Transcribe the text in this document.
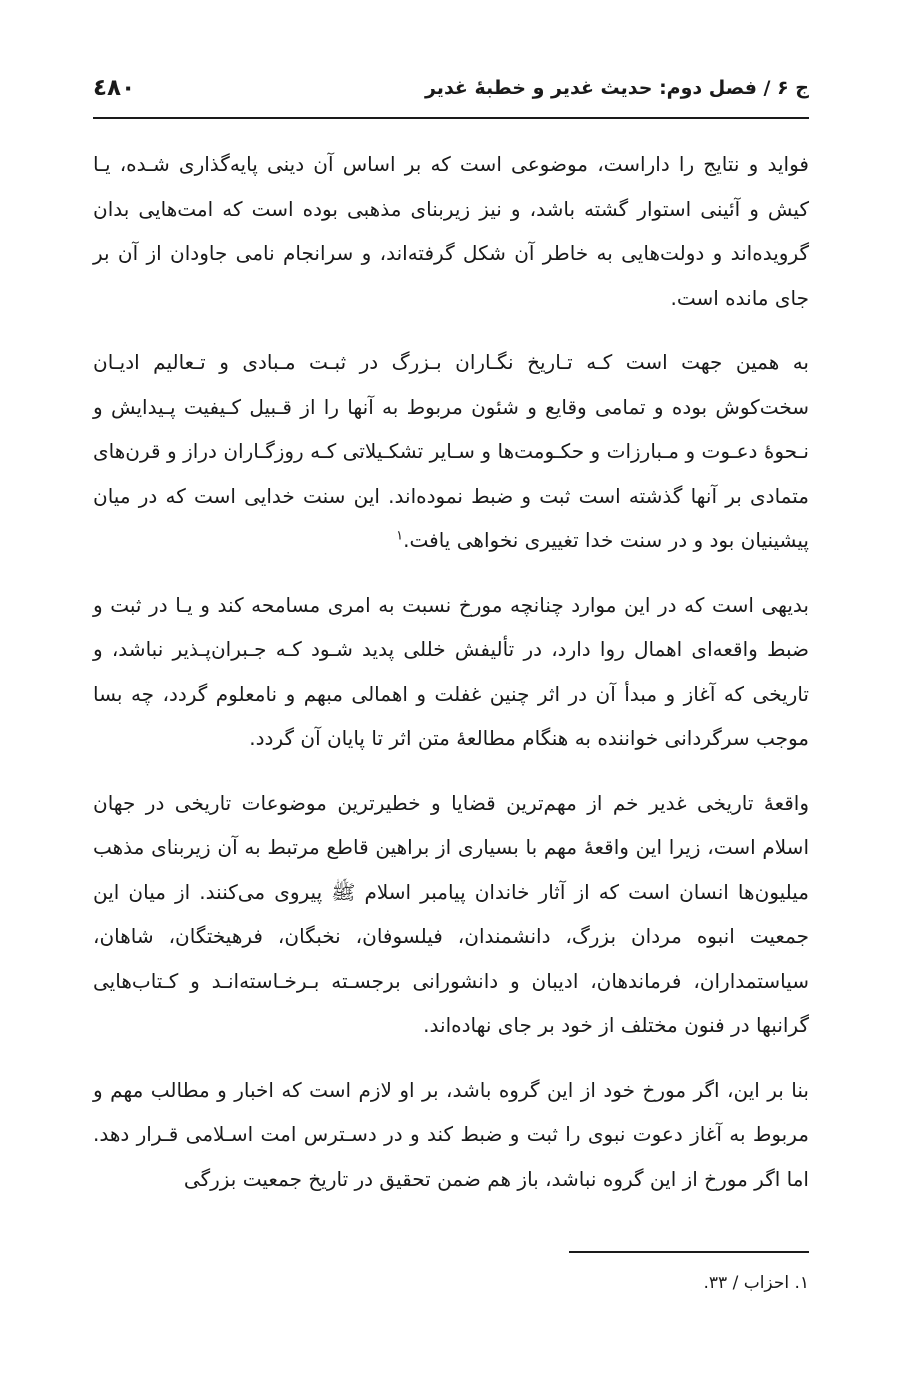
٤٨٠	ج ۶ / فصل دوم: حدیث غدیر و خطبهٔ غدیر

فواید و نتایج را داراست، موضوعی است که بر اساس آن دینی پایه‌گذاری شـده، یـا کیش و آئینی استوار گشته باشد، و نیز زیربنای مذهبی بوده است که امت‌هایی بدان گرویده‌اند و دولت‌هایی به خاطر آن شکل گرفته‌اند، و سرانجام نامی جاودان از آن بر جای مانده است.

به همین جهت است کـه تـاریخ نگـاران بـزرگ در ثبـت مـبادی و تـعالیم ادیـان سخت‌کوش بوده و تمامی وقایع و شئون مربوط به آنها را از قـبیل کـیفیت پـیدایش و نـحوهٔ دعـوت و مـبارزات و حکـومت‌ها و سـایر تشکـیلاتی کـه روزگـاران دراز و قرن‌های متمادی بر آنها گذشته است ثبت و ضبط نموده‌اند. این سنت خدایی است که در میان پیشینیان بود و در سنت خدا تغییری نخواهی یافت.$^١$

بدیهی است که در این موارد چنانچه مورخ نسبت به امری مسامحه کند و یـا در ثبت و ضبط واقعه‌ای اهمال روا دارد، در تألیفش خللی پدید شـود کـه جـبران‌پـذیر نباشد، و تاریخی که آغاز و مبدأ آن در اثر چنین غفلت و اهمالی مبهم و نامعلوم گردد، چه بسا موجب سرگردانی خواننده به هنگام مطالعهٔ متن اثر تا پایان آن گردد.

واقعهٔ تاریخی غدیر خم از مهم‌ترین قضایا و خطیرترین موضوعات تاریخی در جهان اسلام است، زیرا این واقعهٔ مهم با بسیاری از براهین قاطع مرتبط به آن زیربنای مذهب میلیون‌ها انسان است که از آثار خاندان پیامبر اسلام ﷺ پیروی می‌کنند. از میان این جمعیت انبوه مردان بزرگ، دانشمندان، فیلسوفان، نخبگان، فرهیختگان، شاهان، سیاستمداران، فرماندهان، ادیبان و دانشورانی برجسـته بـرخـاسته‌انـد و کـتاب‌هایی گرانبها در فنون مختلف از خود بر جای نهاده‌اند.

بنا بر این، اگر مورخ خود از این گروه باشد، بر او لازم است که اخبار و مطالب مهم و مربوط به آغاز دعوت نبوی را ثبت و ضبط کند و در دسـترس امت اسـلامی قـرار دهد. اما اگر مورخ از این گروه نباشد، باز هم ضمن تحقیق در تاریخ جمعیت بزرگی

١. احزاب / ٣٣.
